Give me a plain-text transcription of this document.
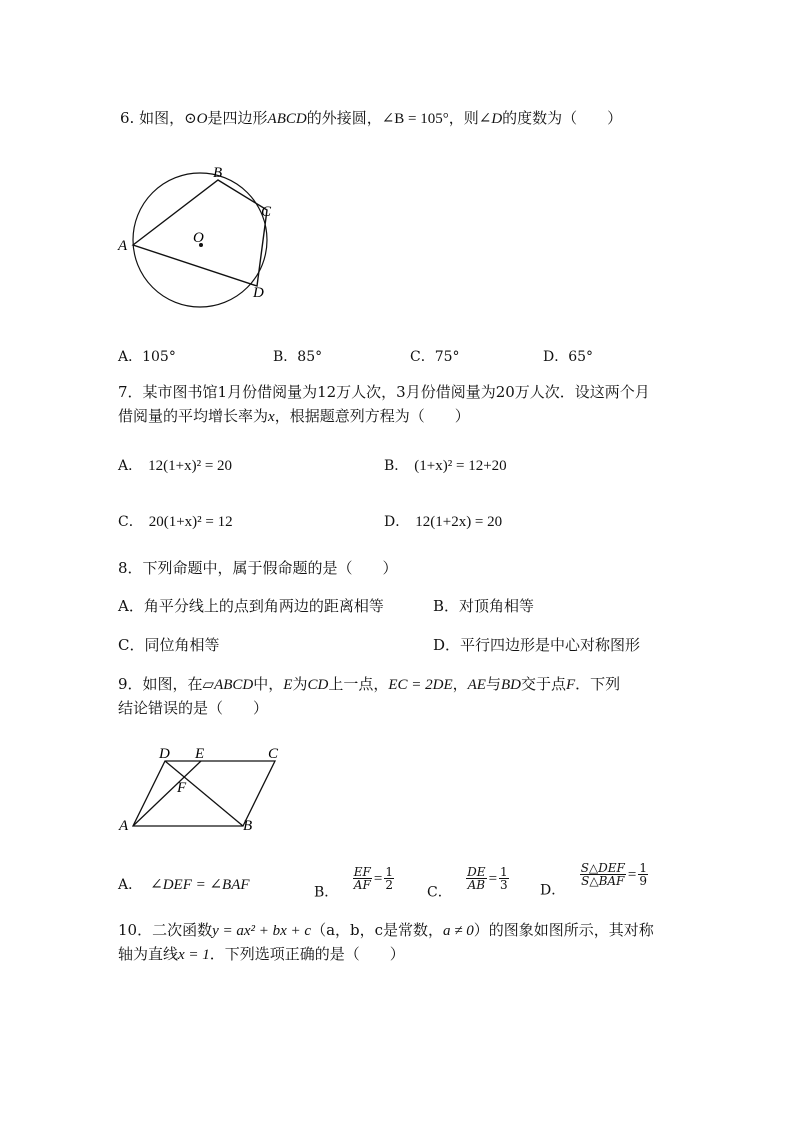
6. 如图，⊙O是四边形ABCD的外接圆，∠B = 105°，则∠D的度数为（　　）
A
B
C
D
O
A．105°	B．85°	C．75°	D．65°
7．某市图书馆1月份借阅量为12万人次，3月份借阅量为20万人次．设这两个月
借阅量的平均增长率为x，根据题意列方程为（　　）
A． 12(1+x)² = 20	B． (1+x)² = 12+20
C． 20(1+x)² = 12	D． 12(1+2x) = 20
8．下列命题中，属于假命题的是（　　）
A．角平分线上的点到角两边的距离相等	B．对顶角相等
C．同位角相等	D．平行四边形是中心对称图形
9．如图，在▱ABCD中，E为CD上一点，EC = 2DE，AE与BD交于点F．下列
结论错误的是（　　）
D E	C
F
A	B
A． ∠DEF = ∠BAF	B．
$\frac{EF}{AF} = \frac{1}{2}$
C．
$\frac{DE}{AB} = \frac{1}{3}$ D．
$\frac{\text{S△DEF}}{\text{S△BAF}} = \frac{1}{9}$
10．二次函数y = ax² + bx + c（a，b，c是常数，a ≠ 0）的图象如图所示，其对称
轴为直线x = 1．下列选项正确的是（　　）
